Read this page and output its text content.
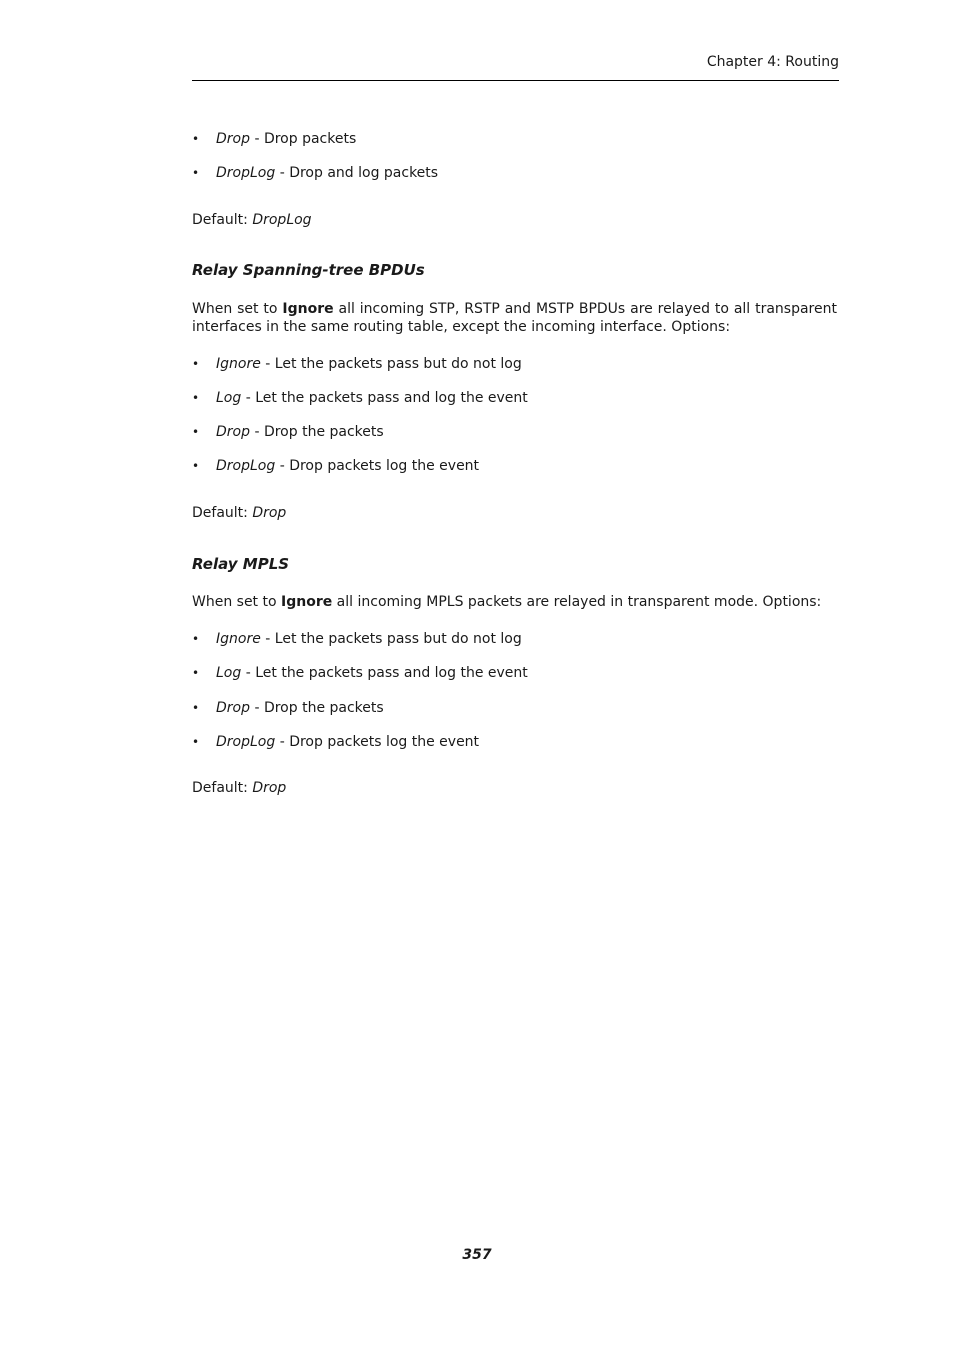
Chapter 4: Routing
• Drop - Drop packets
• DropLog - Drop and log packets
Default: DropLog
Relay Spanning-tree BPDUs
When set to Ignore all incoming STP, RSTP and MSTP BPDUs are relayed to all transparent interfaces in the same routing table, except the incoming interface. Options:
• Ignore - Let the packets pass but do not log
• Log - Let the packets pass and log the event
• Drop - Drop the packets
• DropLog - Drop packets log the event
Default: Drop
Relay MPLS
When set to Ignore all incoming MPLS packets are relayed in transparent mode. Options:
• Ignore - Let the packets pass but do not log
• Log - Let the packets pass and log the event
• Drop - Drop the packets
• DropLog - Drop packets log the event
Default: Drop
357
